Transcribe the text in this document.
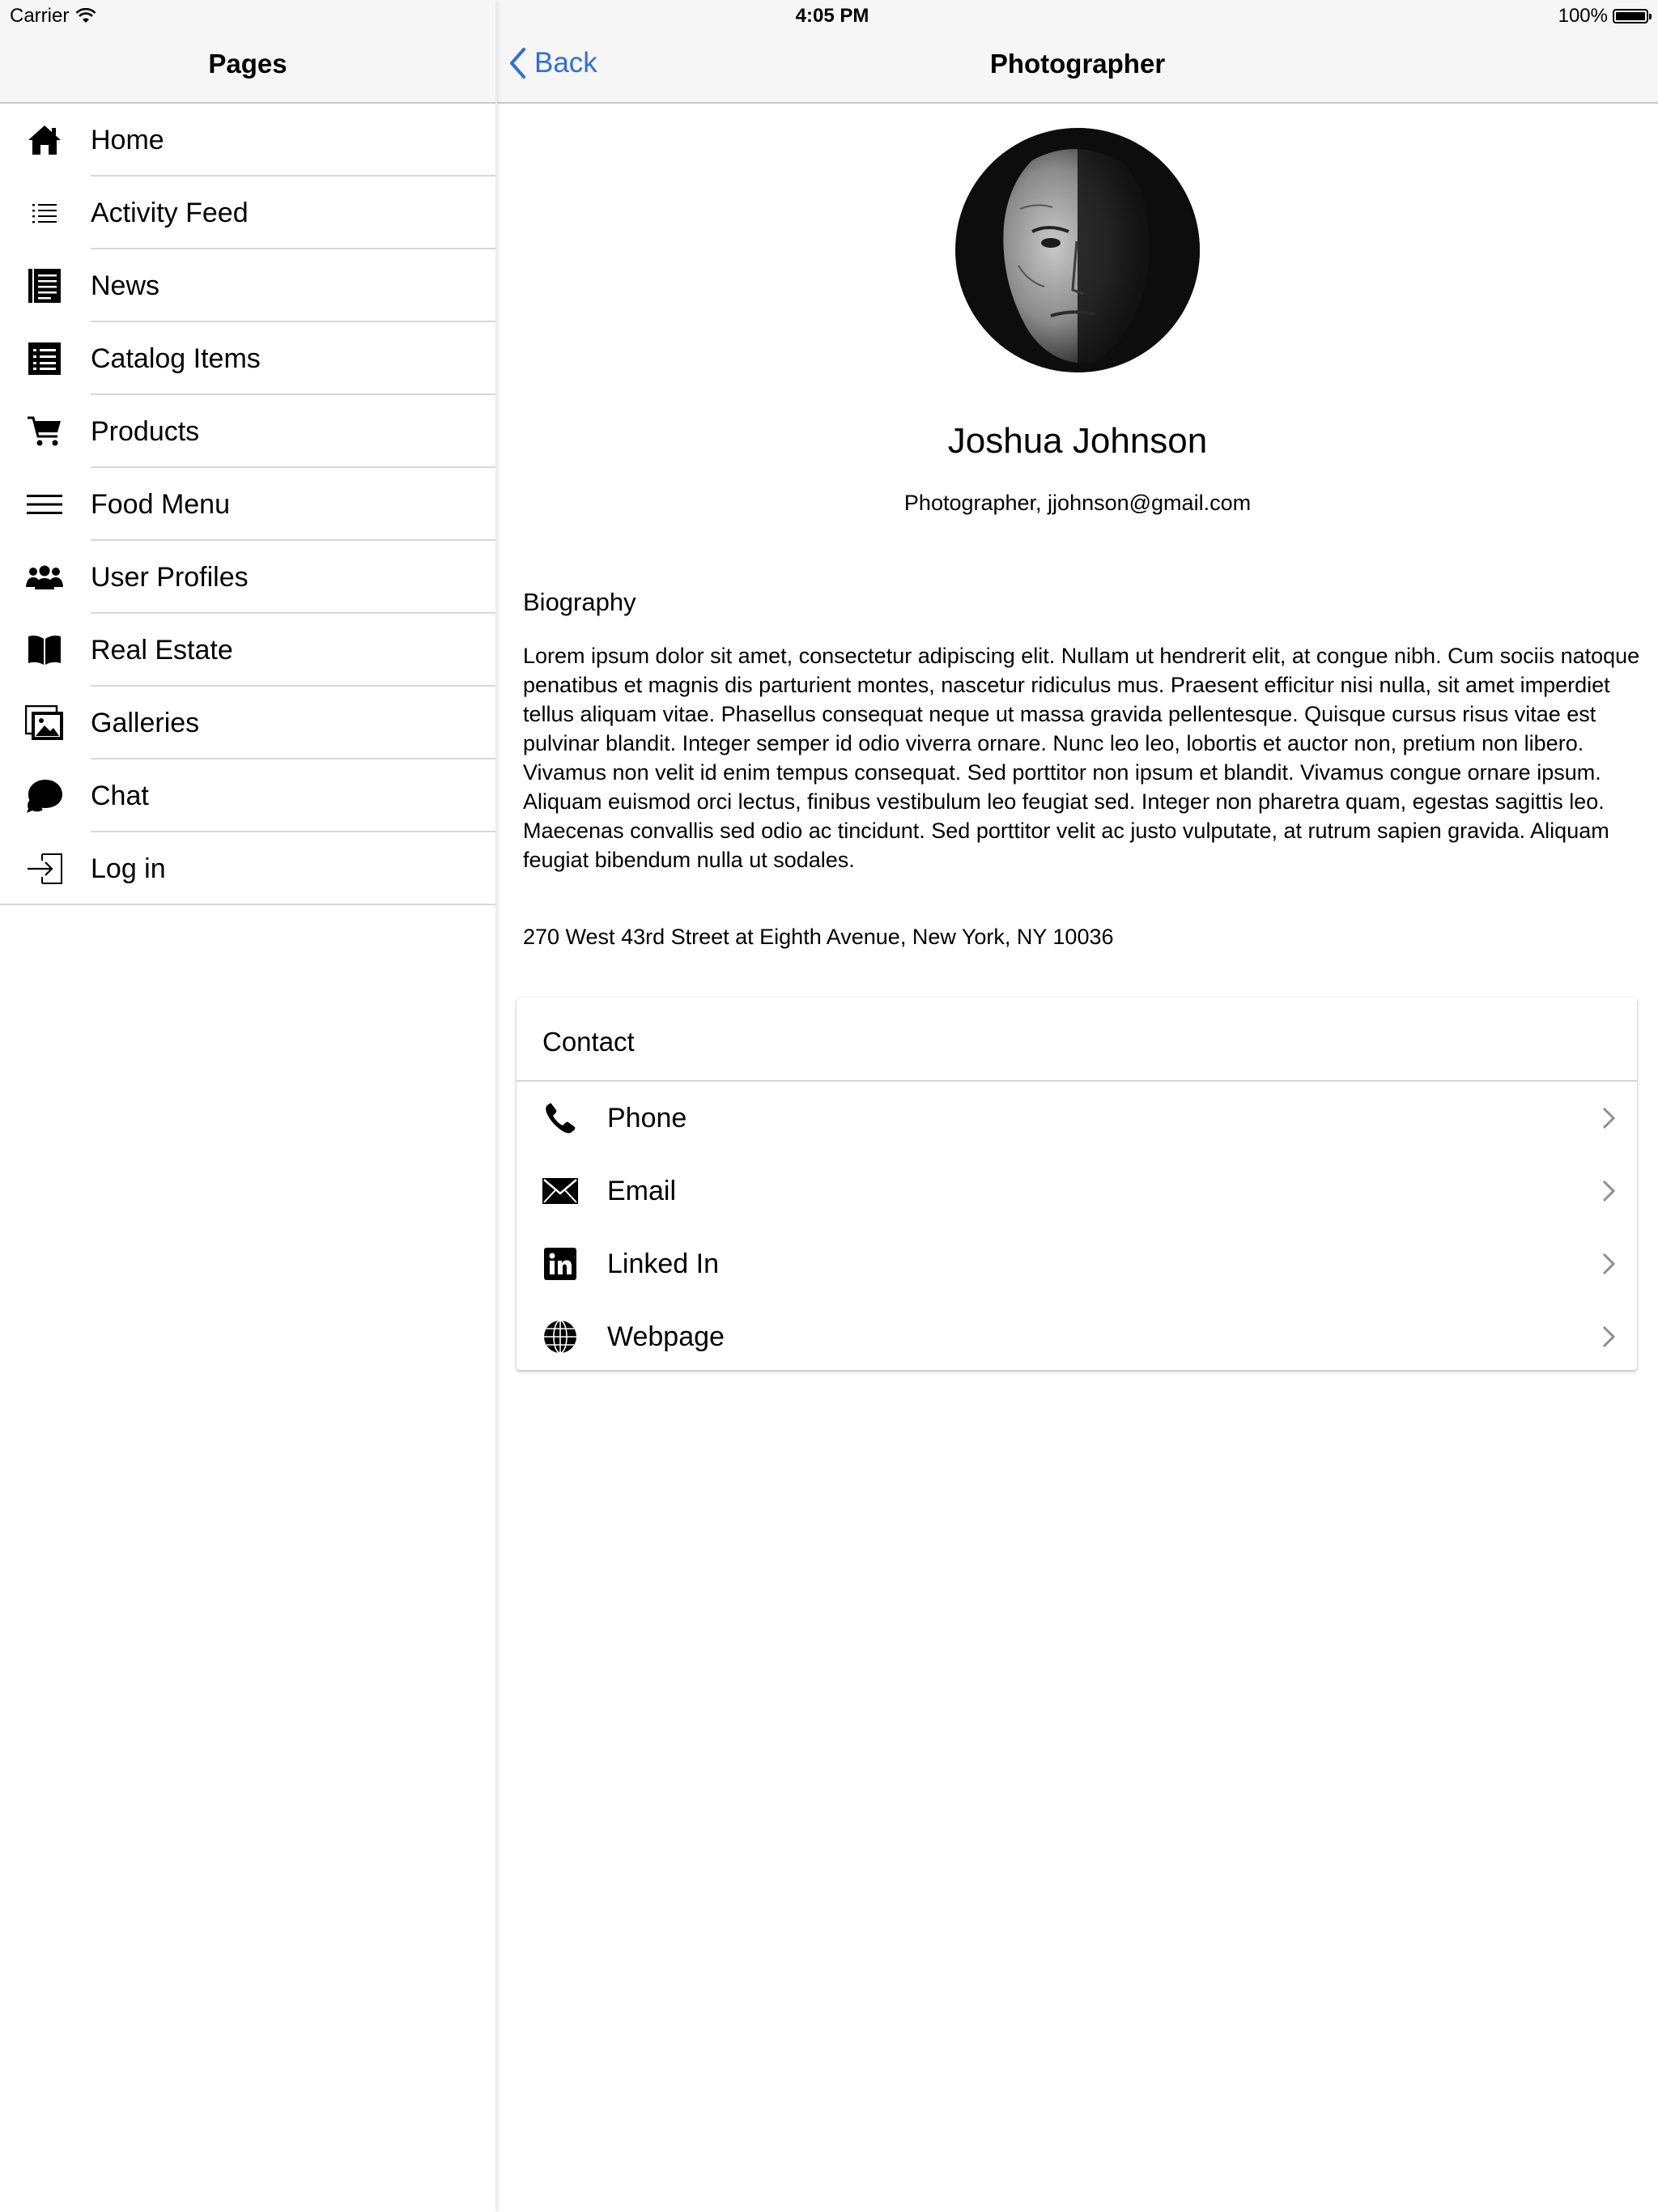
Carrier	4:05 PM	100%
Pages
Home
Activity Feed
News
Catalog Items
Products
Food Menu
User Profiles
Real Estate
Galleries
Chat
Log in
Back	Photographer
Joshua Johnson
Photographer, jjohnson@gmail.com
Biography
Lorem ipsum dolor sit amet, consectetur adipiscing elit. Nullam ut hendrerit elit, at congue nibh. Cum sociis natoque penatibus et magnis dis parturient montes, nascetur ridiculus mus. Praesent efficitur nisi nulla, sit amet imperdiet tellus aliquam vitae. Phasellus consequat neque ut massa gravida pellentesque. Quisque cursus risus vitae est pulvinar blandit. Integer semper id odio viverra ornare. Nunc leo leo, lobortis et auctor non, pretium non libero. Vivamus non velit id enim tempus consequat. Sed porttitor non ipsum et blandit. Vivamus congue ornare ipsum. Aliquam euismod orci lectus, finibus vestibulum leo feugiat sed. Integer non pharetra quam, egestas sagittis leo. Maecenas convallis sed odio ac tincidunt. Sed porttitor velit ac justo vulputate, at rutrum sapien gravida. Aliquam feugiat bibendum nulla ut sodales.
270 West 43rd Street at Eighth Avenue, New York, NY 10036
Contact
Phone
Email
Linked In
Webpage
